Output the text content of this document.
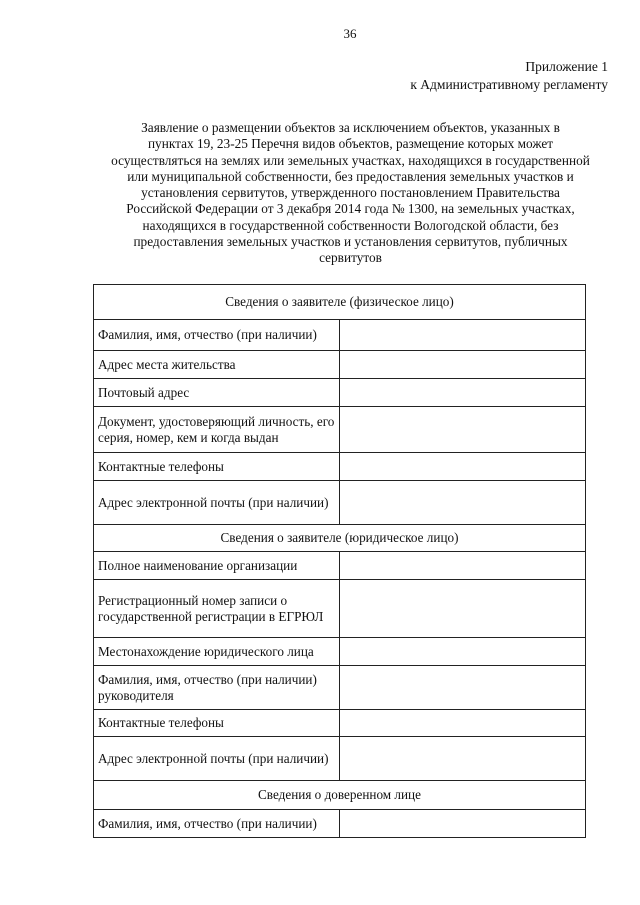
36
Приложение 1
к Административному регламенту

Заявление о размещении объектов за исключением объектов, указанных в

пунктах 19, 23-25 Перечня видов объектов, размещение которых может

осуществляться на землях или земельных участках, находящихся в государственной

или муниципальной собственности, без предоставления земельных участков и

установления сервитутов, утвержденного постановлением Правительства

Российской Федерации от 3 декабря 2014 года № 1300, на земельных участках,

находящихся в государственной собственности Вологодской области, без

предоставления земельных участков и установления сервитутов, публичных

сервитутов

Сведения о заявителе (физическое лицо)	
Фамилия, имя, отчество (при наличии)	
Адрес места жительства	
Почтовый адрес	
Документ, удостоверяющий личность, его серия, номер, кем и когда выдан	
Контактные телефоны	
Адрес электронной почты (при наличии)	
Сведения о заявителе (юридическое лицо)	
Полное наименование организации	
Регистрационный номер записи о государственной регистрации в ЕГРЮЛ	
Местонахождение юридического лица	
Фамилия, имя, отчество (при наличии) руководителя	
Контактные телефоны	
Адрес электронной почты (при наличии)	
Сведения о доверенном лице	
Фамилия, имя, отчество (при наличии)	
